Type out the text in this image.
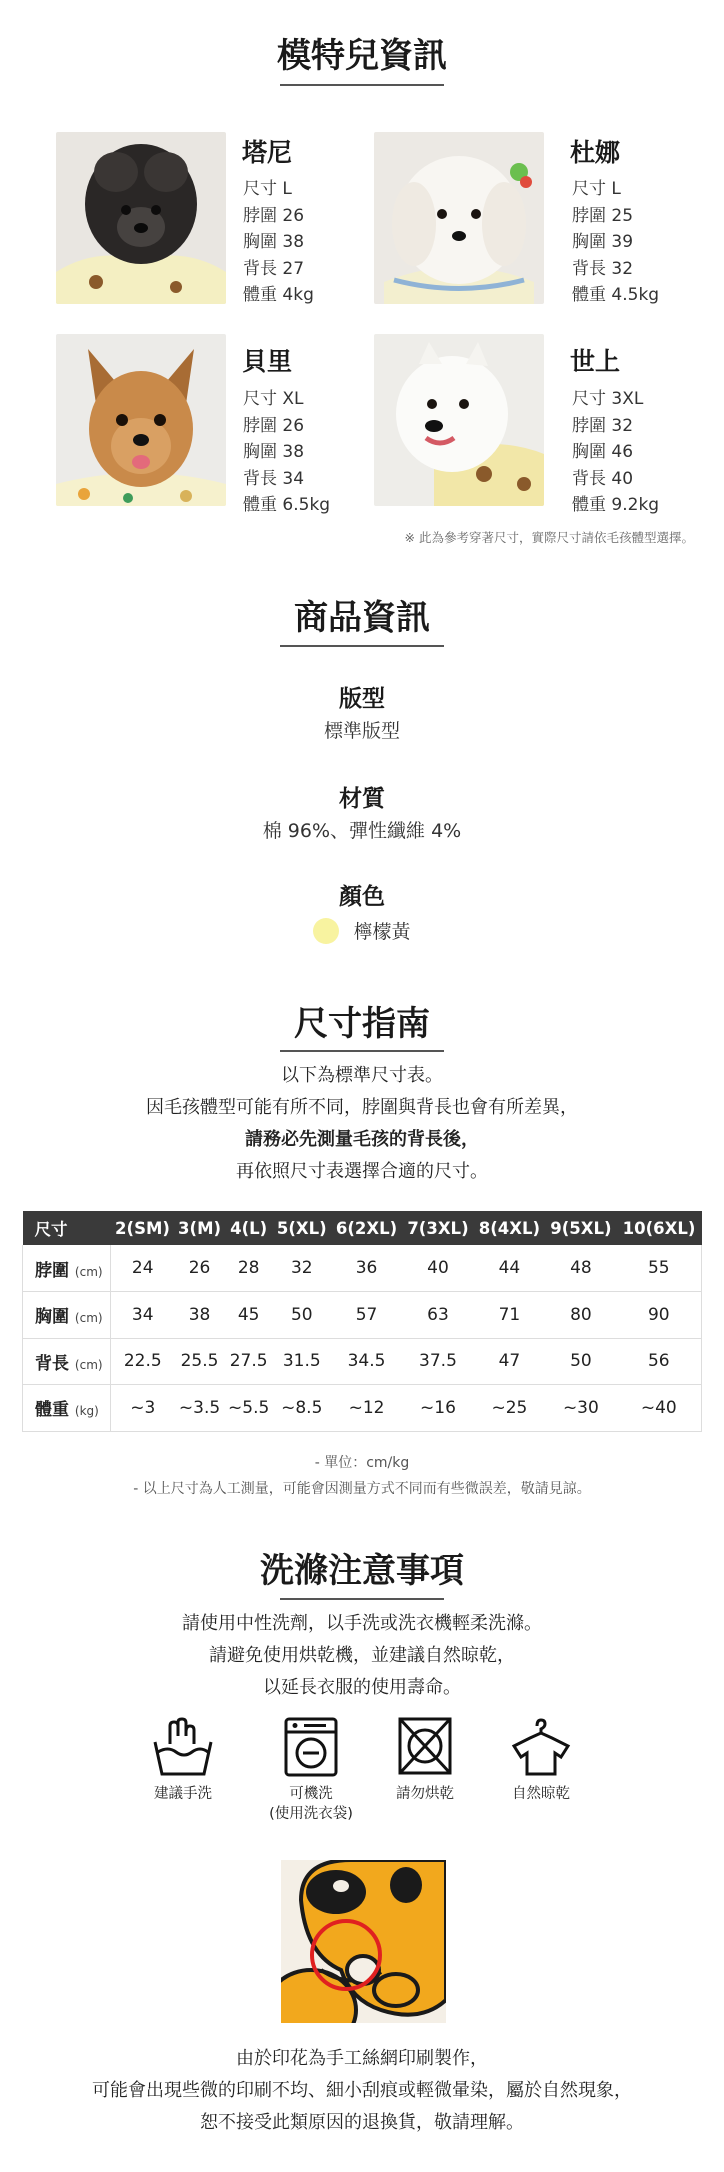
模特兒資訊
塔尼
尺寸 L
脖圍 26
胸圍 38
背長 27
體重 4kg
杜娜
尺寸 L
脖圍 25
胸圍 39
背長 32
體重 4.5kg
貝里
尺寸 XL
脖圍 26
胸圍 38
背長 34
體重 6.5kg
世上
尺寸 3XL
脖圍 32
胸圍 46
背長 40
體重 9.2kg
※ 此為參考穿著尺寸，實際尺寸請依毛孩體型選擇。
商品資訊
版型
標準版型
材質
棉 96%、彈性纖維 4%
顏色
檸檬黃
尺寸指南
以下為標準尺寸表。
因毛孩體型可能有所不同，脖圍與背長也會有所差異，
請務必先測量毛孩的背長後，
再依照尺寸表選擇合適的尺寸。
尺寸	2(SM)	3(M)	4(L)	5(XL)	6(2XL)	7(3XL)	8(4XL)	9(5XL)	10(6XL)
脖圍 (cm)	24	26	28	32	36	40	44	48	55
胸圍 (cm)	34	38	45	50	57	63	71	80	90
背長 (cm)	22.5	25.5	27.5	31.5	34.5	37.5	47	50	56
體重 (kg)	~3	~3.5	~5.5	~8.5	~12	~16	~25	~30	~40
- 單位：cm/kg
- 以上尺寸為人工測量，可能會因測量方式不同而有些微誤差，敬請見諒。
洗滌注意事項
請使用中性洗劑，以手洗或洗衣機輕柔洗滌。
請避免使用烘乾機，並建議自然晾乾，
以延長衣服的使用壽命。
建議手洗	可機洗
(使用洗衣袋)
請勿烘乾	自然晾乾
由於印花為手工絲網印刷製作，
可能會出現些微的印刷不均、細小刮痕或輕微暈染，屬於自然現象，
恕不接受此類原因的退換貨，敬請理解。
